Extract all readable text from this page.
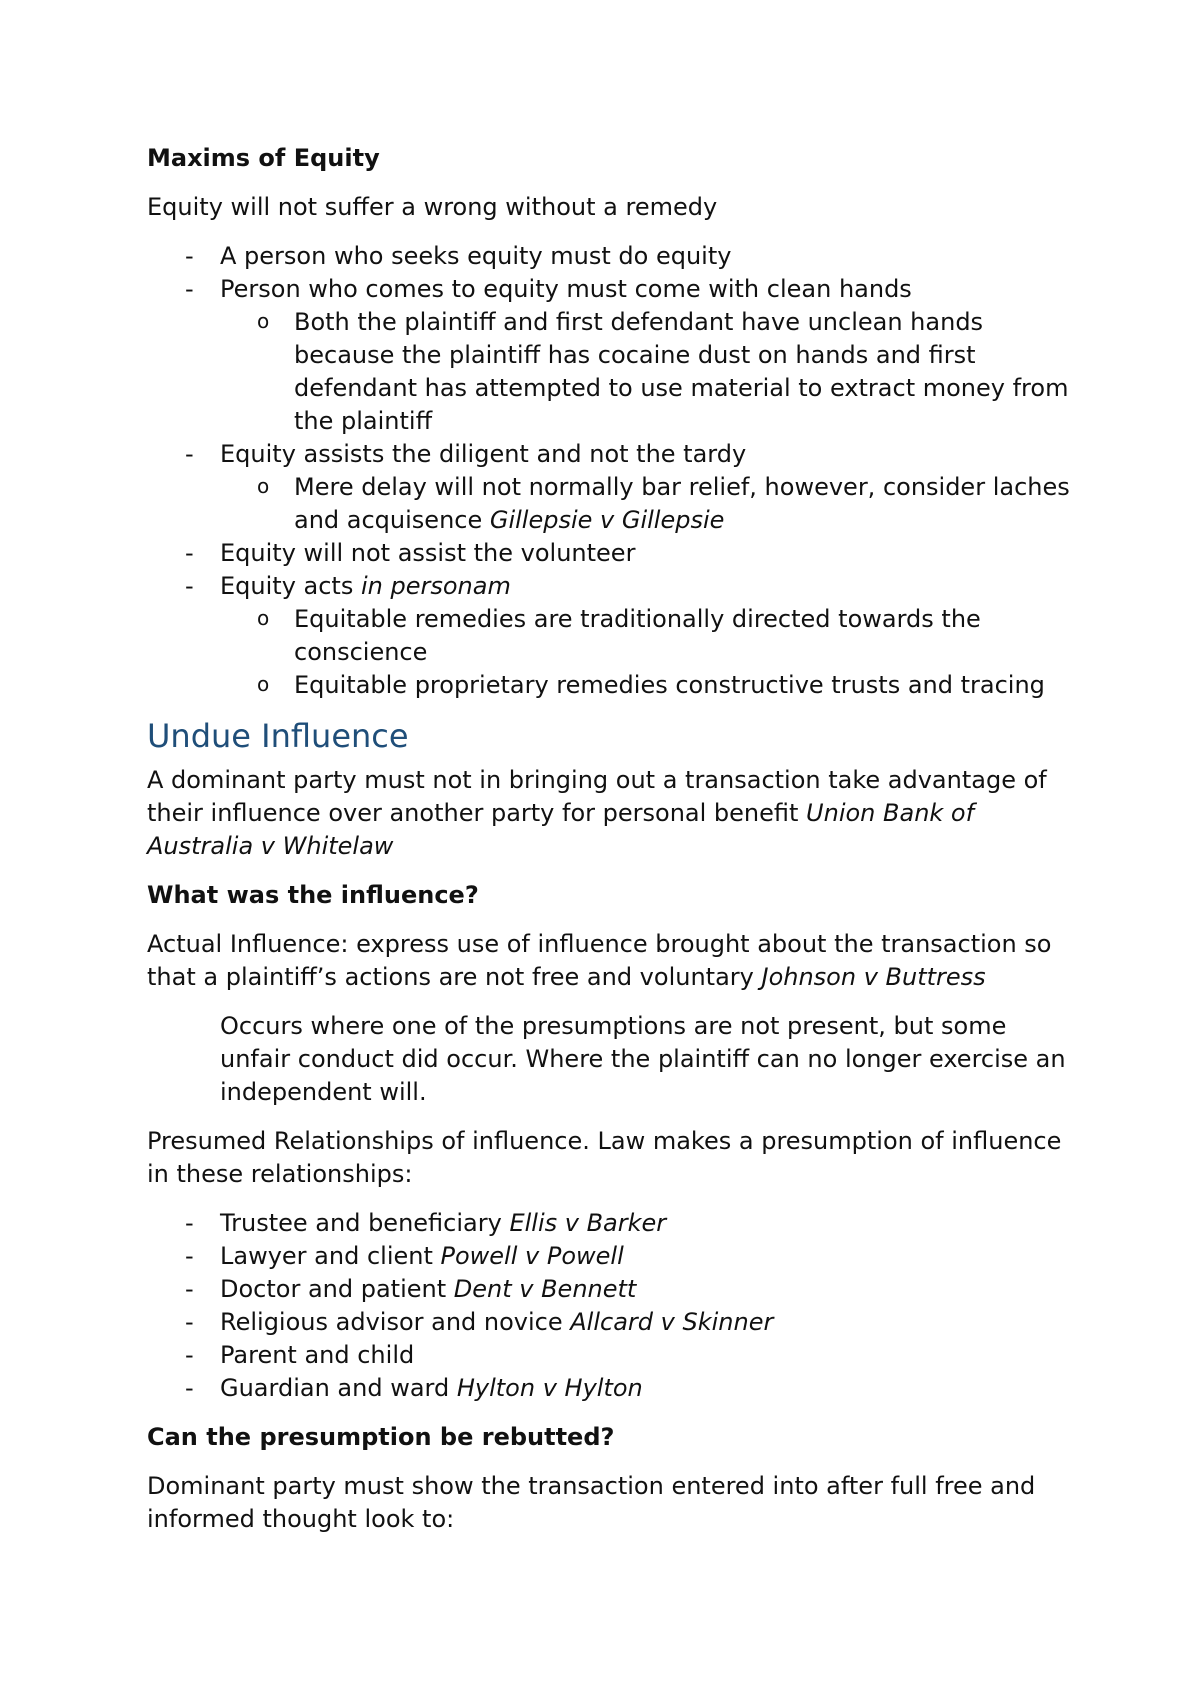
Maxims of Equity

Equity will not suffer a wrong without a remedy

- A person who seeks equity must do equity
- Person who comes to equity must come with clean hands
o Both the plaintiff and first defendant have unclean hands because the plaintiff has cocaine dust on hands and first defendant has attempted to use material to extract money from the plaintiff
- Equity assists the diligent and not the tardy
o Mere delay will not normally bar relief, however, consider laches and acquisence Gillepsie v Gillepsie
- Equity will not assist the volunteer
- Equity acts in personam
o Equitable remedies are traditionally directed towards the conscience
o Equitable proprietary remedies constructive trusts and tracing

Undue Influence

A dominant party must not in bringing out a transaction take advantage of their influence over another party for personal benefit Union Bank of Australia v Whitelaw

What was the influence?

Actual Influence: express use of influence brought about the transaction so that a plaintiff’s actions are not free and voluntary Johnson v Buttress

Occurs where one of the presumptions are not present, but some unfair conduct did occur. Where the plaintiff can no longer exercise an independent will.

Presumed Relationships of influence. Law makes a presumption of influence in these relationships:

- Trustee and beneficiary Ellis v Barker
- Lawyer and client Powell v Powell
- Doctor and patient Dent v Bennett
- Religious advisor and novice Allcard v Skinner
- Parent and child
- Guardian and ward Hylton v Hylton

Can the presumption be rebutted?

Dominant party must show the transaction entered into after full free and informed thought look to:
